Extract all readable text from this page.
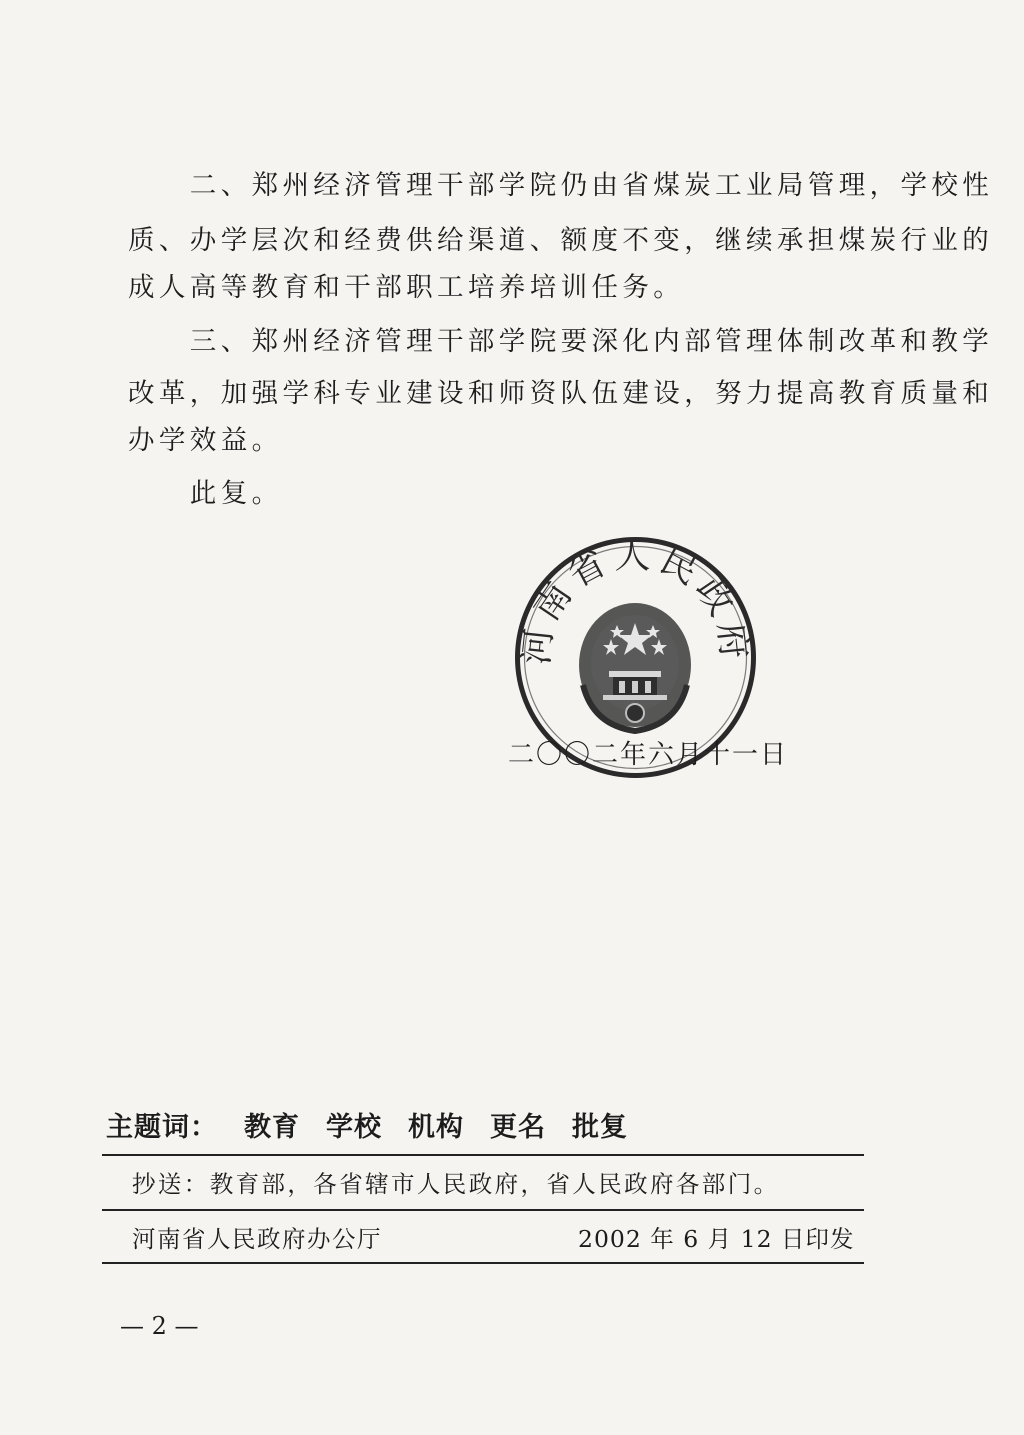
　　二、郑州经济管理干部学院仍由省煤炭工业局管理，学校性
质、办学层次和经费供给渠道、额度不变，继续承担煤炭行业的
成人高等教育和干部职工培养培训任务。
　　三、郑州经济管理干部学院要深化内部管理体制改革和教学
改革，加强学科专业建设和师资队伍建设，努力提高教育质量和
办学效益。
　　此复。
河南省人民政府
二〇〇二年六月十一日
主题词： 教育 学校 机构 更名 批复
抄送：教育部，各省辖市人民政府，省人民政府各部门。
河南省人民政府办公厅	2002 年 6 月 12 日印发
— 2 —
